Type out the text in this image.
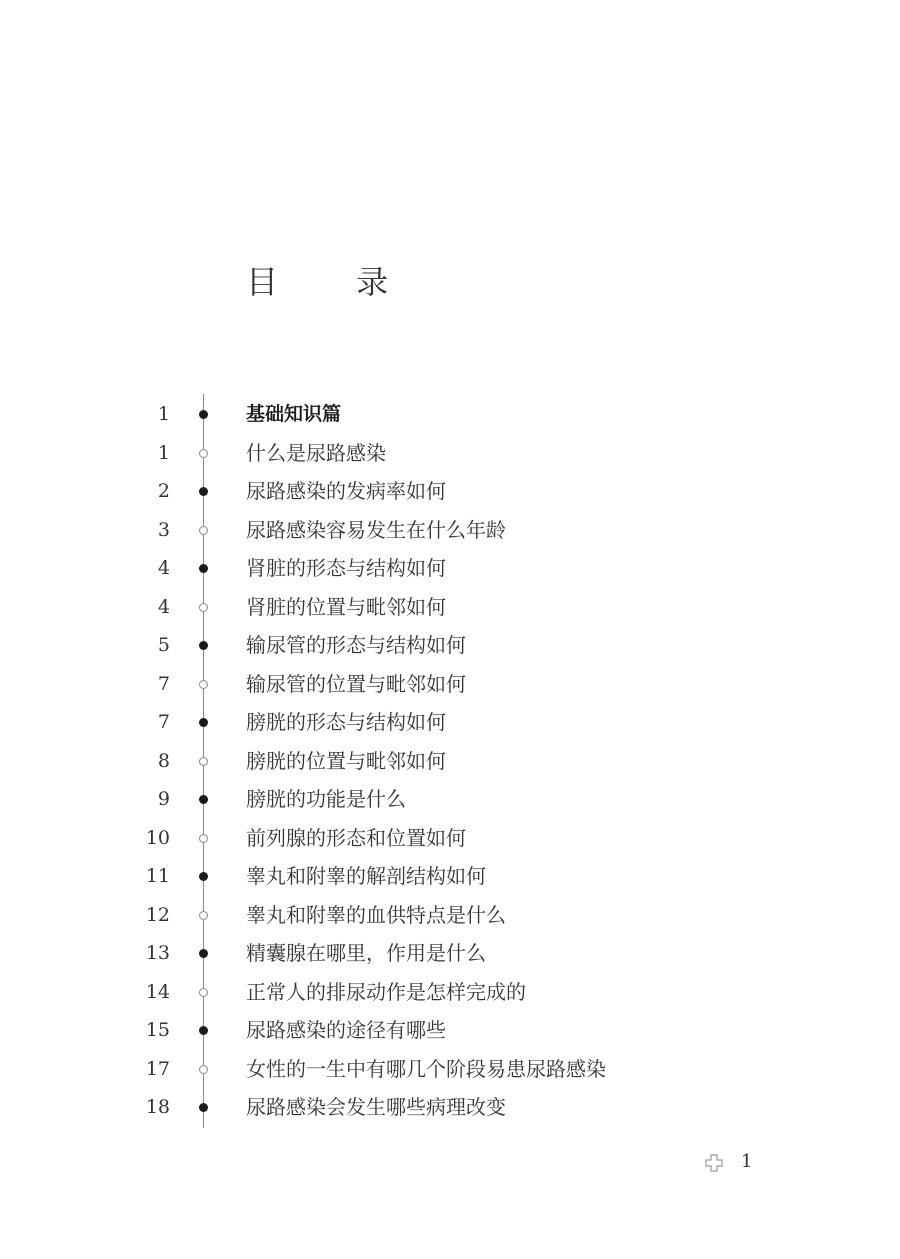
目 录
1	基础知识篇
1	什么是尿路感染
2	尿路感染的发病率如何
3	尿路感染容易发生在什么年龄
4	肾脏的形态与结构如何
4	肾脏的位置与毗邻如何
5	输尿管的形态与结构如何
7	输尿管的位置与毗邻如何
7	膀胱的形态与结构如何
8	膀胱的位置与毗邻如何
9	膀胱的功能是什么
10	前列腺的形态和位置如何
11	睾丸和附睾的解剖结构如何
12	睾丸和附睾的血供特点是什么
13	精囊腺在哪里，作用是什么
14	正常人的排尿动作是怎样完成的
15	尿路感染的途径有哪些
17	女性的一生中有哪几个阶段易患尿路感染
18	尿路感染会发生哪些病理改变
1
